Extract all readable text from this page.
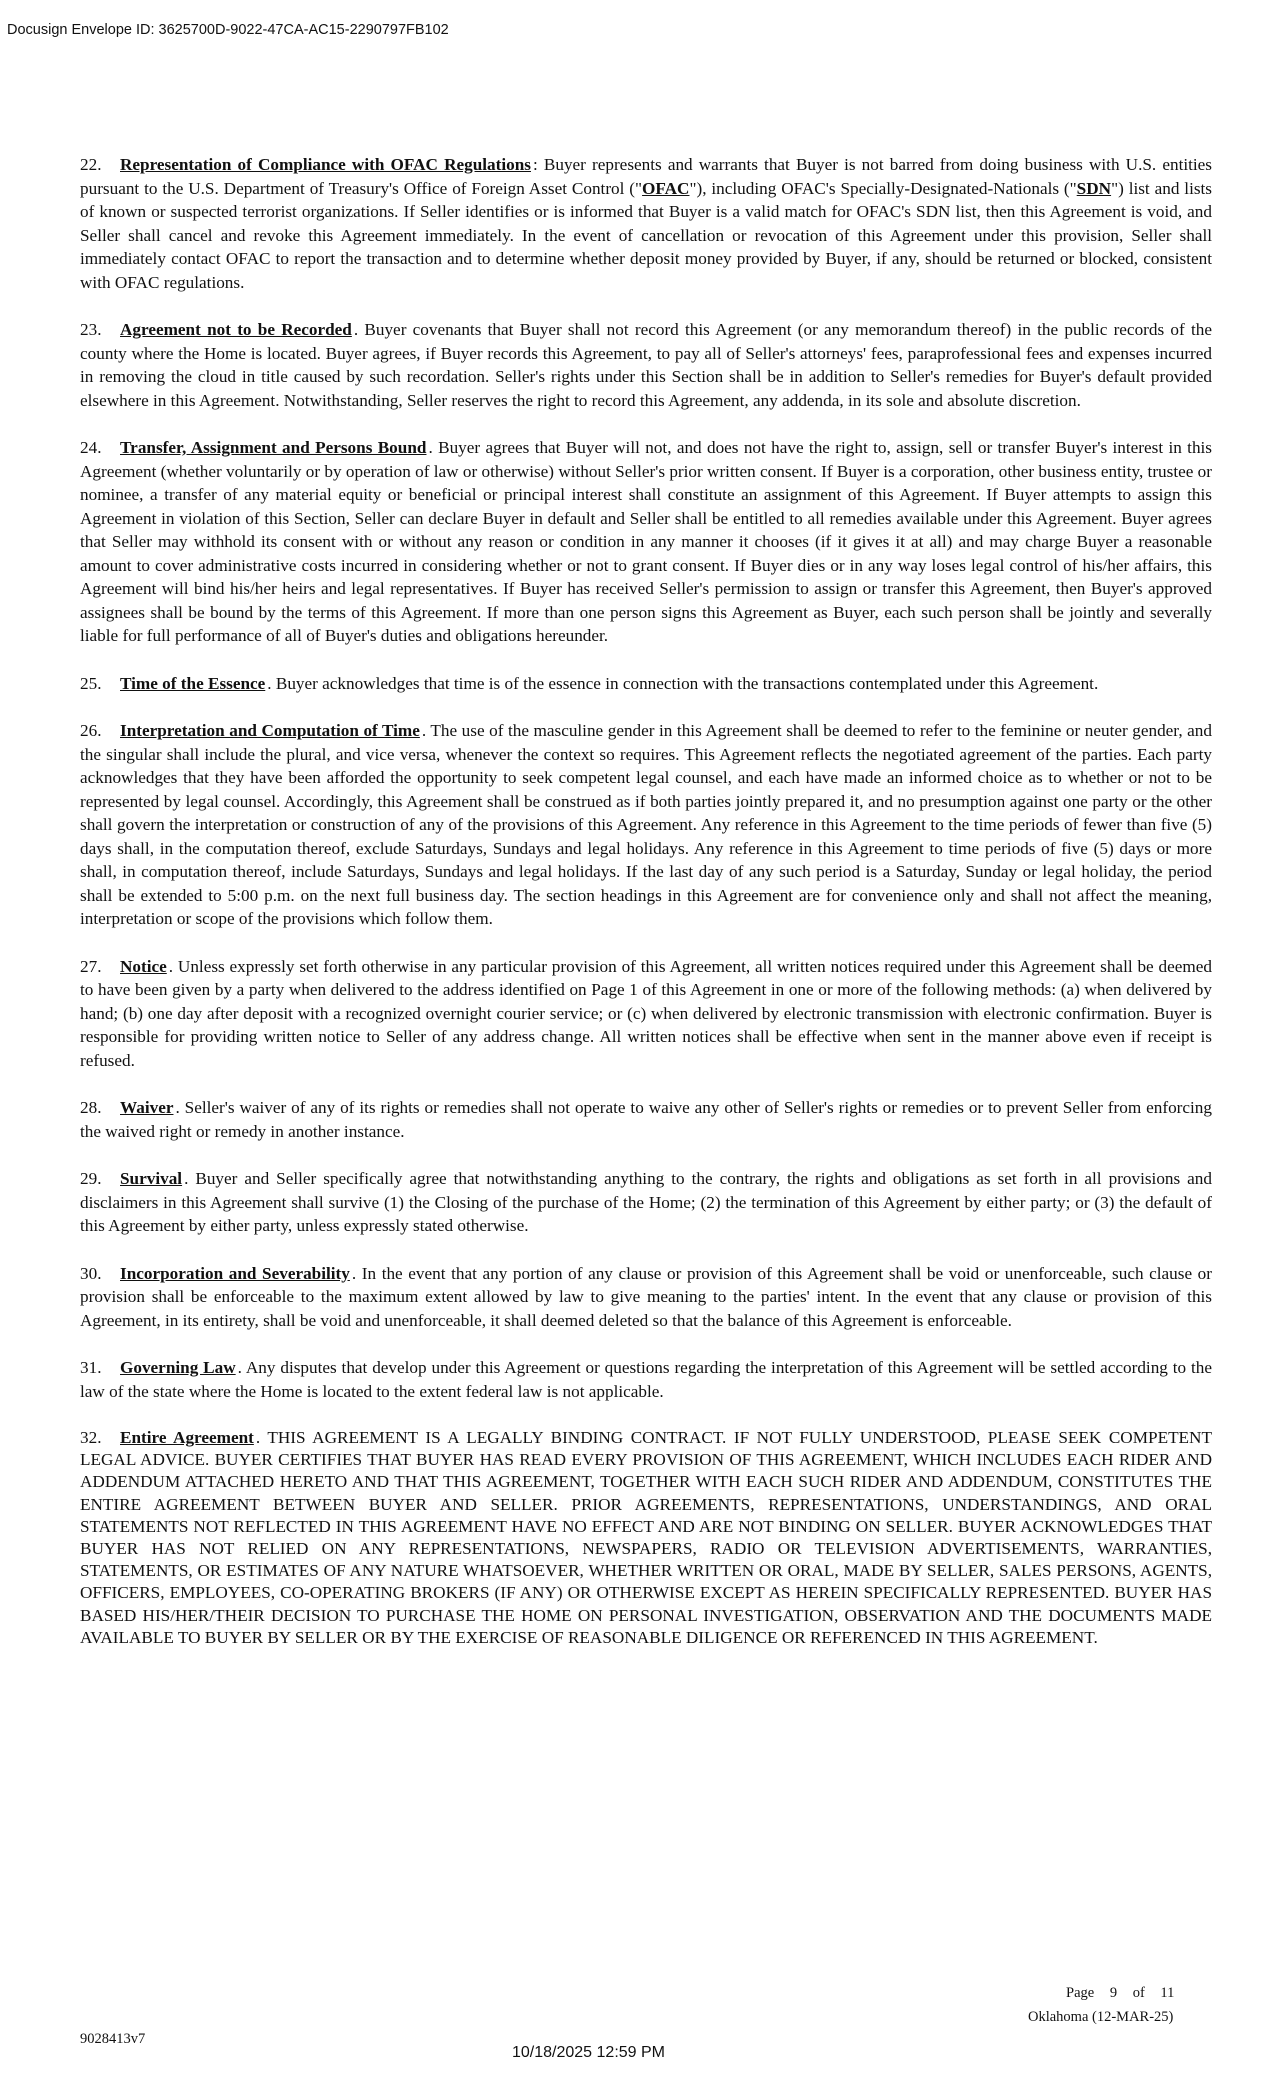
Docusign Envelope ID: 3625700D-9022-47CA-AC15-2290797FB102

22. Representation of Compliance with OFAC Regulations : Buyer represents and warrants that Buyer is not barred from doing business with U.S. entities pursuant to the U.S. Department of Treasury's Office of Foreign Asset Control ("OFAC"), including OFAC's Specially-Designated-Nationals ("SDN") list and lists of known or suspected terrorist organizations. If Seller identifies or is informed that Buyer is a valid match for OFAC's SDN list, then this Agreement is void, and Seller shall cancel and revoke this Agreement immediately. In the event of cancellation or revocation of this Agreement under this provision, Seller shall immediately contact OFAC to report the transaction and to determine whether deposit money provided by Buyer, if any, should be returned or blocked, consistent with OFAC regulations.

23. Agreement not to be Recorded . Buyer covenants that Buyer shall not record this Agreement (or any memorandum thereof) in the public records of the county where the Home is located. Buyer agrees, if Buyer records this Agreement, to pay all of Seller's attorneys' fees, paraprofessional fees and expenses incurred in removing the cloud in title caused by such recordation. Seller's rights under this Section shall be in addition to Seller's remedies for Buyer's default provided elsewhere in this Agreement. Notwithstanding, Seller reserves the right to record this Agreement, any addenda, in its sole and absolute discretion.

24. Transfer, Assignment and Persons Bound . Buyer agrees that Buyer will not, and does not have the right to, assign, sell or transfer Buyer's interest in this Agreement (whether voluntarily or by operation of law or otherwise) without Seller's prior written consent. If Buyer is a corporation, other business entity, trustee or nominee, a transfer of any material equity or beneficial or principal interest shall constitute an assignment of this Agreement. If Buyer attempts to assign this Agreement in violation of this Section, Seller can declare Buyer in default and Seller shall be entitled to all remedies available under this Agreement. Buyer agrees that Seller may withhold its consent with or without any reason or condition in any manner it chooses (if it gives it at all) and may charge Buyer a reasonable amount to cover administrative costs incurred in considering whether or not to grant consent. If Buyer dies or in any way loses legal control of his/her affairs, this Agreement will bind his/her heirs and legal representatives. If Buyer has received Seller's permission to assign or transfer this Agreement, then Buyer's approved assignees shall be bound by the terms of this Agreement. If more than one person signs this Agreement as Buyer, each such person shall be jointly and severally liable for full performance of all of Buyer's duties and obligations hereunder.

25. Time of the Essence . Buyer acknowledges that time is of the essence in connection with the transactions contemplated under this Agreement.

26. Interpretation and Computation of Time . The use of the masculine gender in this Agreement shall be deemed to refer to the feminine or neuter gender, and the singular shall include the plural, and vice versa, whenever the context so requires. This Agreement reflects the negotiated agreement of the parties. Each party acknowledges that they have been afforded the opportunity to seek competent legal counsel, and each have made an informed choice as to whether or not to be represented by legal counsel. Accordingly, this Agreement shall be construed as if both parties jointly prepared it, and no presumption against one party or the other shall govern the interpretation or construction of any of the provisions of this Agreement. Any reference in this Agreement to the time periods of fewer than five (5) days shall, in the computation thereof, exclude Saturdays, Sundays and legal holidays. Any reference in this Agreement to time periods of five (5) days or more shall, in computation thereof, include Saturdays, Sundays and legal holidays. If the last day of any such period is a Saturday, Sunday or legal holiday, the period shall be extended to 5:00 p.m. on the next full business day. The section headings in this Agreement are for convenience only and shall not affect the meaning, interpretation or scope of the provisions which follow them.

27. Notice . Unless expressly set forth otherwise in any particular provision of this Agreement, all written notices required under this Agreement shall be deemed to have been given by a party when delivered to the address identified on Page 1 of this Agreement in one or more of the following methods: (a) when delivered by hand; (b) one day after deposit with a recognized overnight courier service; or (c) when delivered by electronic transmission with electronic confirmation. Buyer is responsible for providing written notice to Seller of any address change. All written notices shall be effective when sent in the manner above even if receipt is refused.

28. Waiver . Seller's waiver of any of its rights or remedies shall not operate to waive any other of Seller's rights or remedies or to prevent Seller from enforcing the waived right or remedy in another instance.

29. Survival . Buyer and Seller specifically agree that notwithstanding anything to the contrary, the rights and obligations as set forth in all provisions and disclaimers in this Agreement shall survive (1) the Closing of the purchase of the Home; (2) the termination of this Agreement by either party; or (3) the default of this Agreement by either party, unless expressly stated otherwise.

30. Incorporation and Severability . In the event that any portion of any clause or provision of this Agreement shall be void or unenforceable, such clause or provision shall be enforceable to the maximum extent allowed by law to give meaning to the parties' intent. In the event that any clause or provision of this Agreement, in its entirety, shall be void and unenforceable, it shall deemed deleted so that the balance of this Agreement is enforceable.

31. Governing Law . Any disputes that develop under this Agreement or questions regarding the interpretation of this Agreement will be settled according to the law of the state where the Home is located to the extent federal law is not applicable.

32. Entire Agreement . THIS AGREEMENT IS A LEGALLY BINDING CONTRACT. IF NOT FULLY UNDERSTOOD, PLEASE SEEK COMPETENT LEGAL ADVICE. BUYER CERTIFIES THAT BUYER HAS READ EVERY PROVISION OF THIS AGREEMENT, WHICH INCLUDES EACH RIDER AND ADDENDUM ATTACHED HERETO AND THAT THIS AGREEMENT, TOGETHER WITH EACH SUCH RIDER AND ADDENDUM, CONSTITUTES THE ENTIRE AGREEMENT BETWEEN BUYER AND SELLER. PRIOR AGREEMENTS, REPRESENTATIONS, UNDERSTANDINGS, AND ORAL STATEMENTS NOT REFLECTED IN THIS AGREEMENT HAVE NO EFFECT AND ARE NOT BINDING ON SELLER. BUYER ACKNOWLEDGES THAT BUYER HAS NOT RELIED ON ANY REPRESENTATIONS, NEWSPAPERS, RADIO OR TELEVISION ADVERTISEMENTS, WARRANTIES, STATEMENTS, OR ESTIMATES OF ANY NATURE WHATSOEVER, WHETHER WRITTEN OR ORAL, MADE BY SELLER, SALES PERSONS, AGENTS, OFFICERS, EMPLOYEES, CO-OPERATING BROKERS (IF ANY) OR OTHERWISE EXCEPT AS HEREIN SPECIFICALLY REPRESENTED. BUYER HAS BASED HIS/HER/THEIR DECISION TO PURCHASE THE HOME ON PERSONAL INVESTIGATION, OBSERVATION AND THE DOCUMENTS MADE AVAILABLE TO BUYER BY SELLER OR BY THE EXERCISE OF REASONABLE DILIGENCE OR REFERENCED IN THIS AGREEMENT.

Page 9 of 11
9028413v7
Oklahoma (12-MAR-25)
10/18/2025 12:59 PM
